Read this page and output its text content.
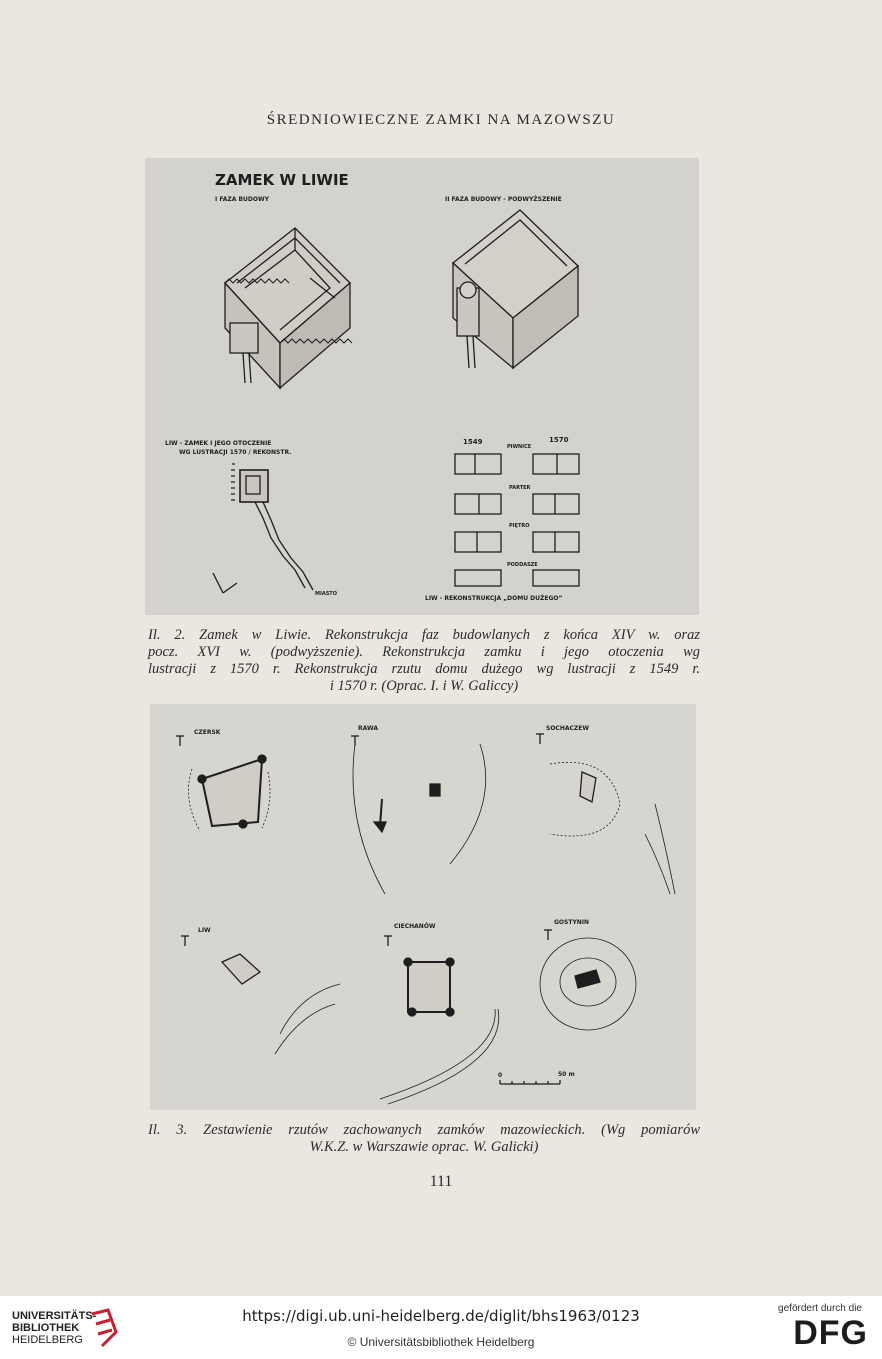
ŚREDNIOWIECZNE ZAMKI NA MAZOWSZU
ZAMEK W LIWIE
I FAZA BUDOWY	II FAZA BUDOWY - PODWYŻSZENIE
LIW - ZAMEK I JEGO OTOCZENIE
WG LUSTRACJI 1570 / REKONSTR.
1549	1570
PIWNICE
PARTER
PIĘTRO
PODDASZE
LIW - REKONSTRUKCJA „DOMU DUŻEGO”
MIASTO
Il. 2. Zamek w Liwie. Rekonstrukcja faz budowlanych z końca XIV w. oraz
pocz. XVI w. (podwyższenie). Rekonstrukcja zamku i jego otoczenia wg
lustracji z 1570 r. Rekonstrukcja rzutu domu dużego wg lustracji z 1549 r.
i 1570 r. (Oprac. I. i W. Galiccy)
CZERSK
RAWA	SOCHACZEW
LIW
CIECHANÓW
GOSTYNIN
0	50 m
Il. 3. Zestawienie rzutów zachowanych zamków mazowieckich. (Wg pomiarów
W.K.Z. w Warszawie oprac. W. Galicki)
111
UNIVERSITÄTS-
BIBLIOTHEK
HEIDELBERG
https://digi.ub.uni-heidelberg.de/diglit/bhs1963/0123
© Universitätsbibliothek Heidelberg
gefördert durch die
DFG
